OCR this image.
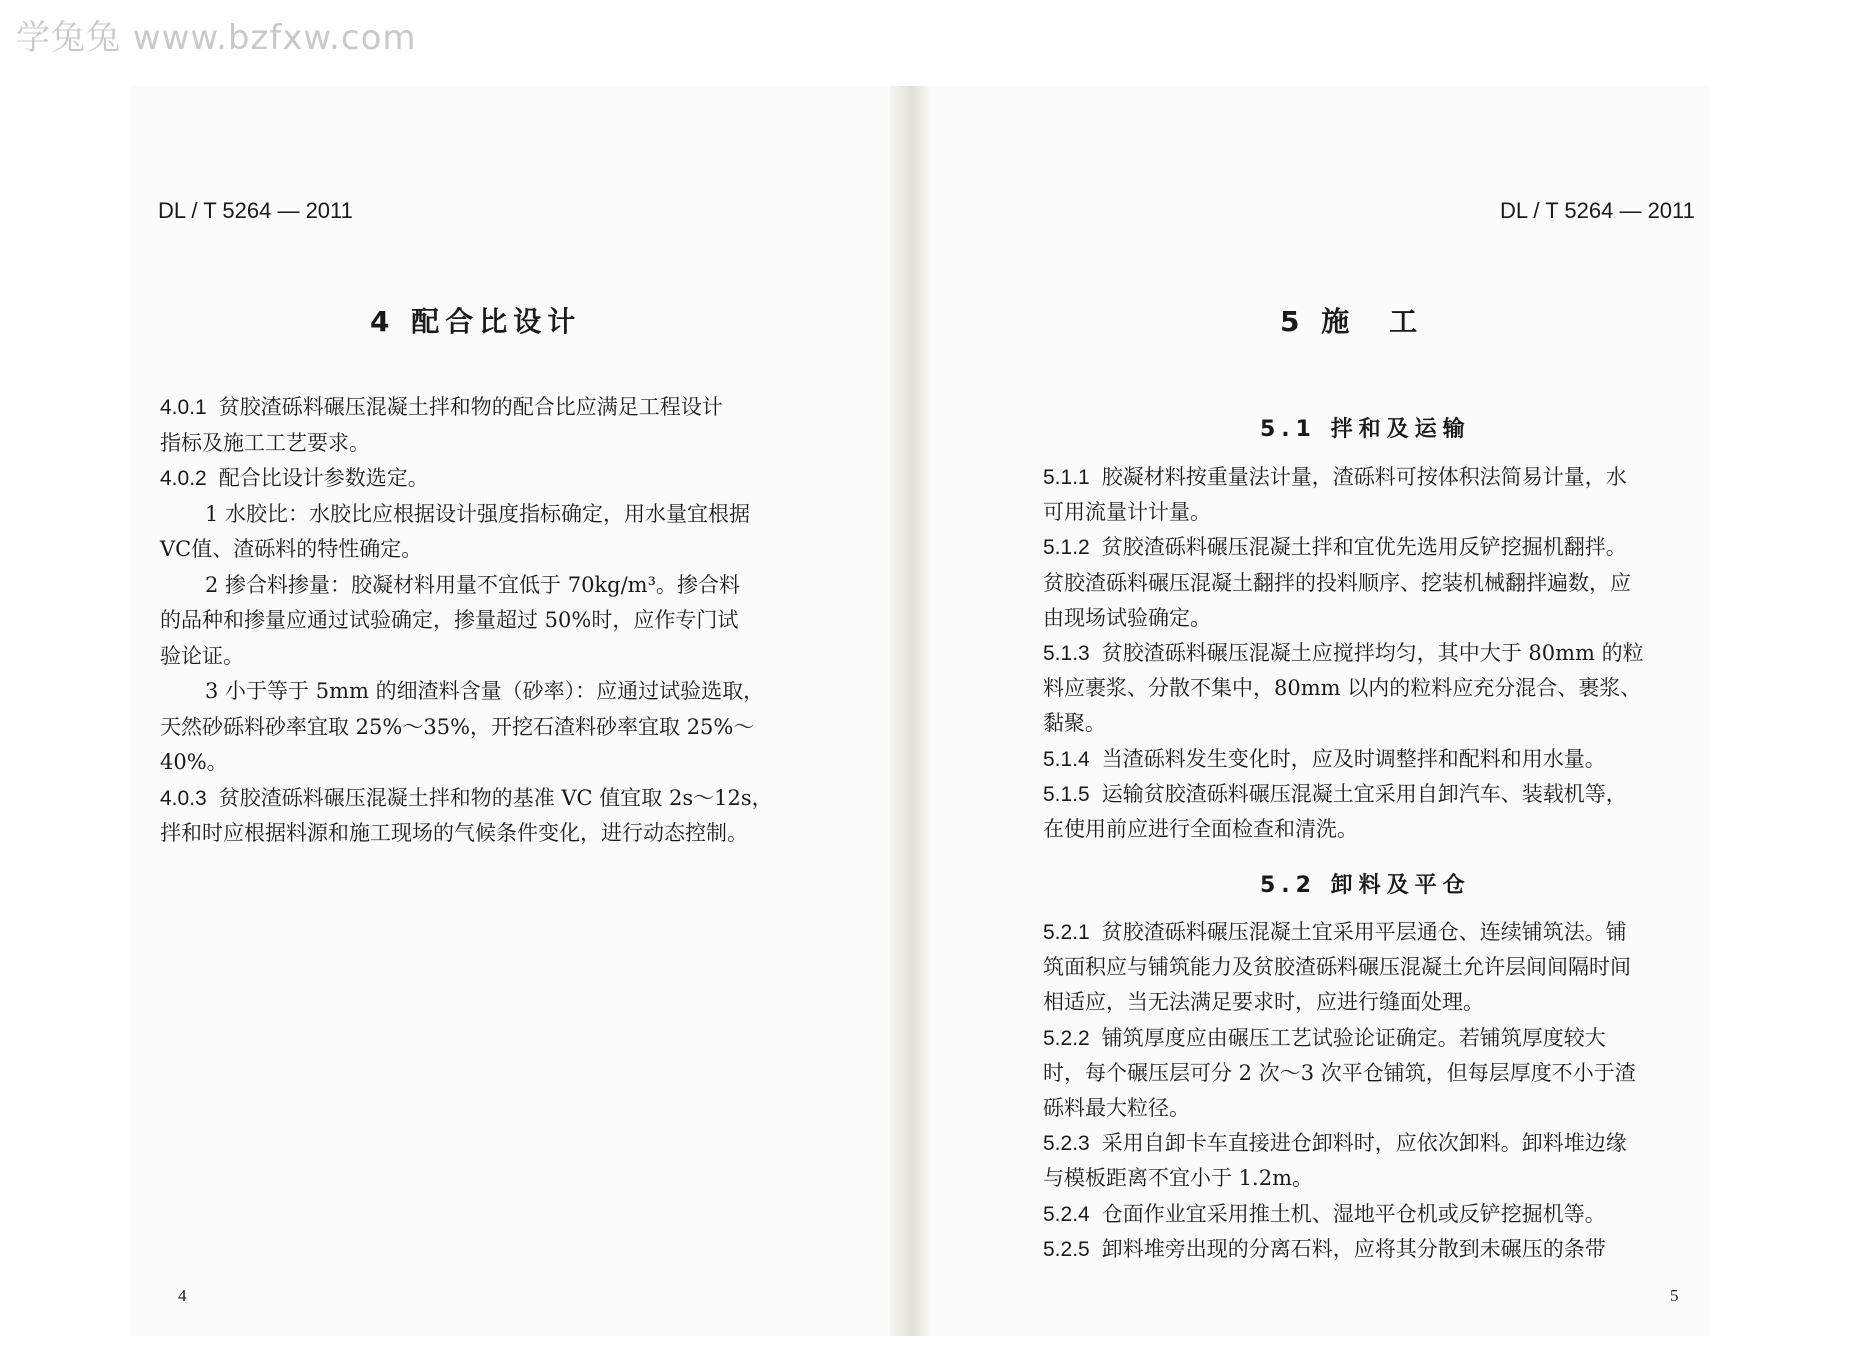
学兔兔 www.bzfxw.com
DL / T 5264 — 2011
4 配合比设计
4.0.1 贫胶渣砾料碾压混凝土拌和物的配合比应满足工程设计
指标及施工工艺要求。
4.0.2 配合比设计参数选定。
1 水胶比：水胶比应根据设计强度指标确定，用水量宜根据
VC值、渣砾料的特性确定。
2 掺合料掺量：胶凝材料用量不宜低于 70kg/m³。掺合料
的品种和掺量应通过试验确定，掺量超过 50%时，应作专门试
验论证。
3 小于等于 5mm 的细渣料含量（砂率）：应通过试验选取，
天然砂砾料砂率宜取 25%～35%，开挖石渣料砂率宜取 25%～
40%。
4.0.3 贫胶渣砾料碾压混凝土拌和物的基准 VC 值宜取 2s～12s，
拌和时应根据料源和施工现场的气候条件变化，进行动态控制。
4
DL / T 5264 — 2011
5 施　工
5.1 拌和及运输
5.1.1 胶凝材料按重量法计量，渣砾料可按体积法简易计量，水
可用流量计计量。
5.1.2 贫胶渣砾料碾压混凝土拌和宜优先选用反铲挖掘机翻拌。
贫胶渣砾料碾压混凝土翻拌的投料顺序、挖装机械翻拌遍数，应
由现场试验确定。
5.1.3 贫胶渣砾料碾压混凝土应搅拌均匀，其中大于 80mm 的粒
料应裹浆、分散不集中，80mm 以内的粒料应充分混合、裹浆、
黏聚。
5.1.4 当渣砾料发生变化时，应及时调整拌和配料和用水量。
5.1.5 运输贫胶渣砾料碾压混凝土宜采用自卸汽车、装载机等，
在使用前应进行全面检查和清洗。
5.2 卸料及平仓
5.2.1 贫胶渣砾料碾压混凝土宜采用平层通仓、连续铺筑法。铺
筑面积应与铺筑能力及贫胶渣砾料碾压混凝土允许层间间隔时间
相适应，当无法满足要求时，应进行缝面处理。
5.2.2 铺筑厚度应由碾压工艺试验论证确定。若铺筑厚度较大
时，每个碾压层可分 2 次～3 次平仓铺筑，但每层厚度不小于渣
砾料最大粒径。
5.2.3 采用自卸卡车直接进仓卸料时，应依次卸料。卸料堆边缘
与模板距离不宜小于 1.2m。
5.2.4 仓面作业宜采用推土机、湿地平仓机或反铲挖掘机等。
5.2.5 卸料堆旁出现的分离石料，应将其分散到未碾压的条带
5
